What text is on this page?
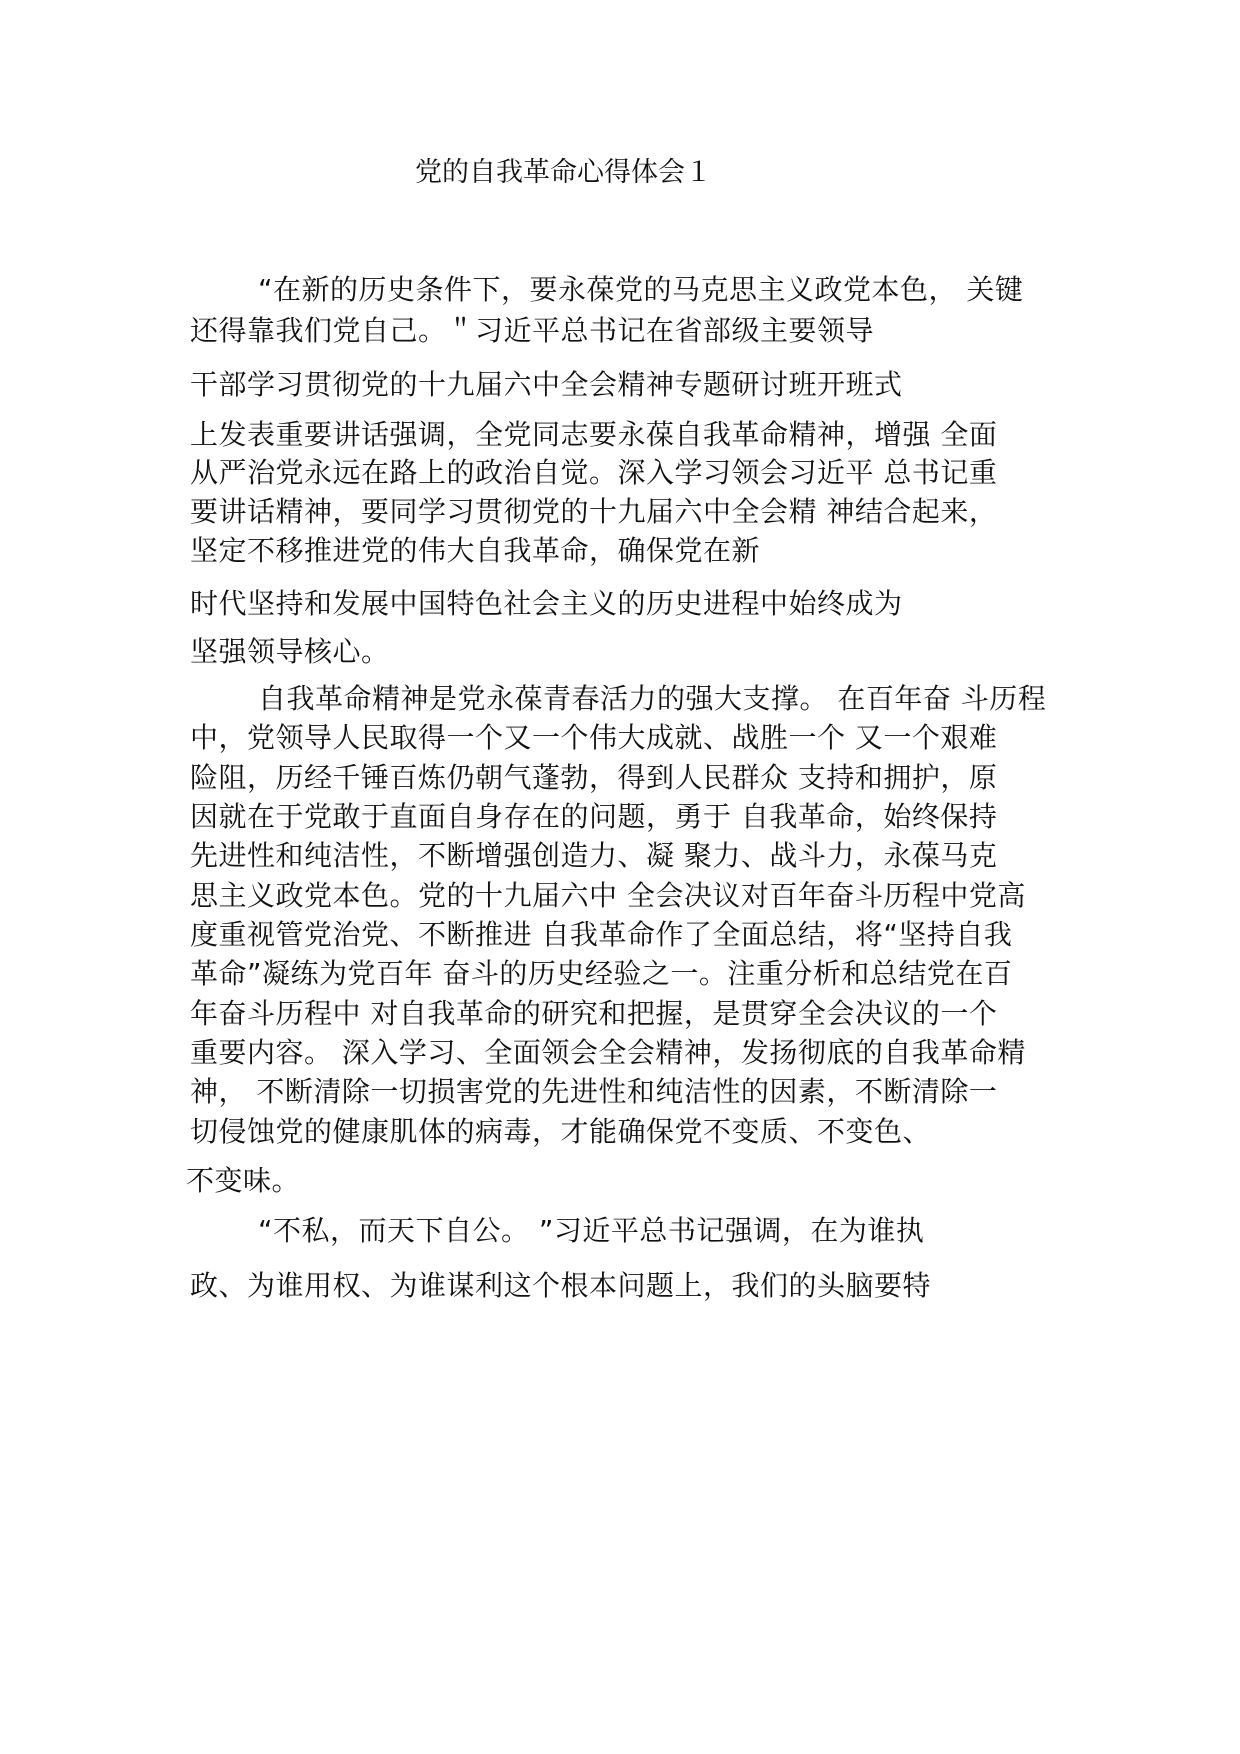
党的自我革命心得体会１
“在新的历史条件下，要永葆党的马克思主义政党本色， 关键
还得靠我们党自己。＂习近平总书记在省部级主要领导
干部学习贯彻党的十九届六中全会精神专题研讨班开班式
上发表重要讲话强调，全党同志要永葆自我革命精神，增强 全面
从严治党永远在路上的政治自觉。深入学习领会习近平 总书记重
要讲话精神，要同学习贯彻党的十九届六中全会精 神结合起来，
坚定不移推进党的伟大自我革命，确保党在新
时代坚持和发展中国特色社会主义的历史进程中始终成为
坚强领导核心。
自我革命精神是党永葆青春活力的强大支撑。 在百年奋 斗历程
中，党领导人民取得一个又一个伟大成就、战胜一个 又一个艰难
险阻，历经千锤百炼仍朝气蓬勃，得到人民群众 支持和拥护，原
因就在于党敢于直面自身存在的问题，勇于 自我革命，始终保持
先进性和纯洁性，不断增强创造力、凝 聚力、战斗力，永葆马克
思主义政党本色。党的十九届六中 全会决议对百年奋斗历程中党高
度重视管党治党、不断推进 自我革命作了全面总结，将“坚持自我
革命”凝练为党百年 奋斗的历史经验之一。注重分析和总结党在百
年奋斗历程中 对自我革命的研究和把握，是贯穿全会决议的一个
重要内容。 深入学习、全面领会全会精神，发扬彻底的自我革命精
神， 不断清除一切损害党的先进性和纯洁性的因素，不断清除一
切侵蚀党的健康肌体的病毒，才能确保党不变质、不变色、
不变味。
“不私，而天下自公。 ”习近平总书记强调，在为谁执
政、为谁用权、为谁谋利这个根本问题上，我们的头脑要特
